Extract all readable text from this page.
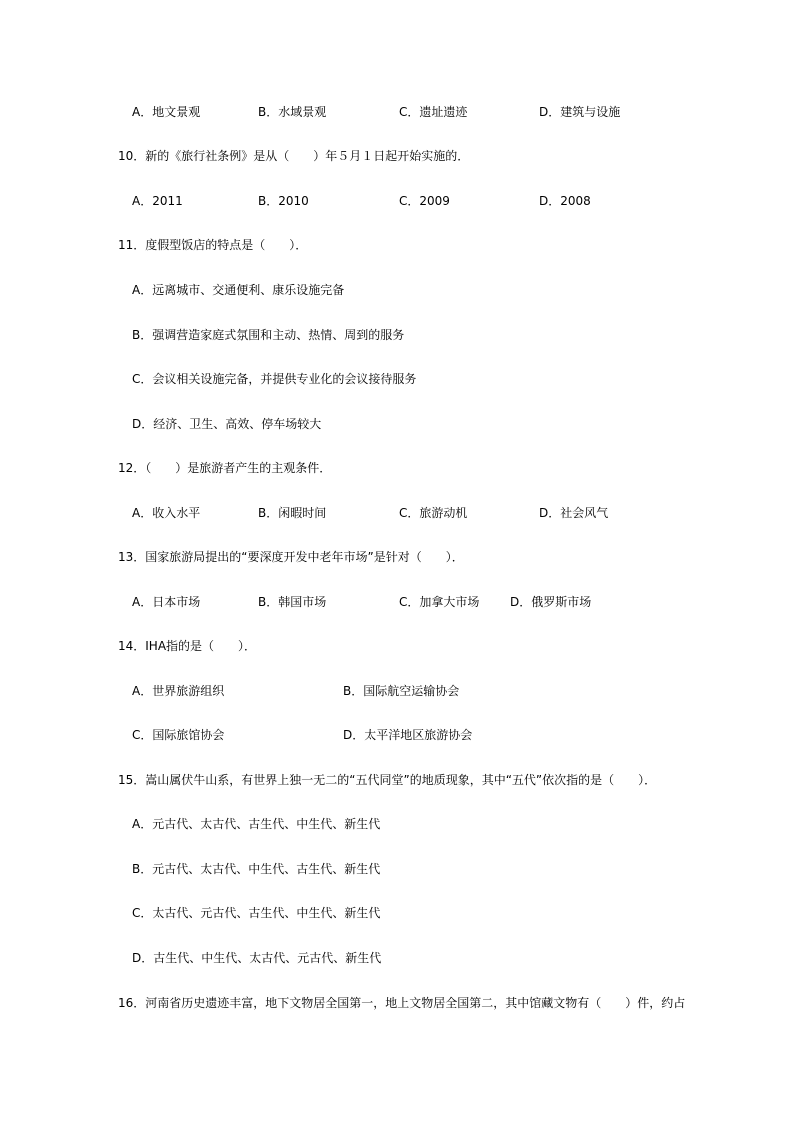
A．地文景观	B．水域景观	C．遗址遗迹	D．建筑与设施
10．新的《旅行社条例》是从（　　）年５月１日起开始实施的．
A．2011	B．2010	C．2009	D．2008
11．度假型饭店的特点是（　　）．
A．远离城市、交通便利、康乐设施完备
B．强调营造家庭式氛围和主动、热情、周到的服务
C．会议相关设施完备，并提供专业化的会议接待服务
D．经济、卫生、高效、停车场较大
12．（　　）是旅游者产生的主观条件．
A．收入水平	B．闲暇时间	C．旅游动机	D．社会风气
13．国家旅游局提出的“要深度开发中老年市场”是针对（　　）．
A．日本市场	B．韩国市场	C．加拿大市场	D．俄罗斯市场
14．IHA指的是（　　）．
A．世界旅游组织	B．国际航空运输协会
C．国际旅馆协会	D．太平洋地区旅游协会
15．嵩山属伏牛山系，有世界上独一无二的“五代同堂”的地质现象，其中“五代”依次指的是（　　）．
A．元古代、太古代、古生代、中生代、新生代
B．元古代、太古代、中生代、古生代、新生代
C．太古代、元古代、古生代、中生代、新生代
D．古生代、中生代、太古代、元古代、新生代
16．河南省历史遗迹丰富，地下文物居全国第一，地上文物居全国第二，其中馆藏文物有（　　）件，约占
